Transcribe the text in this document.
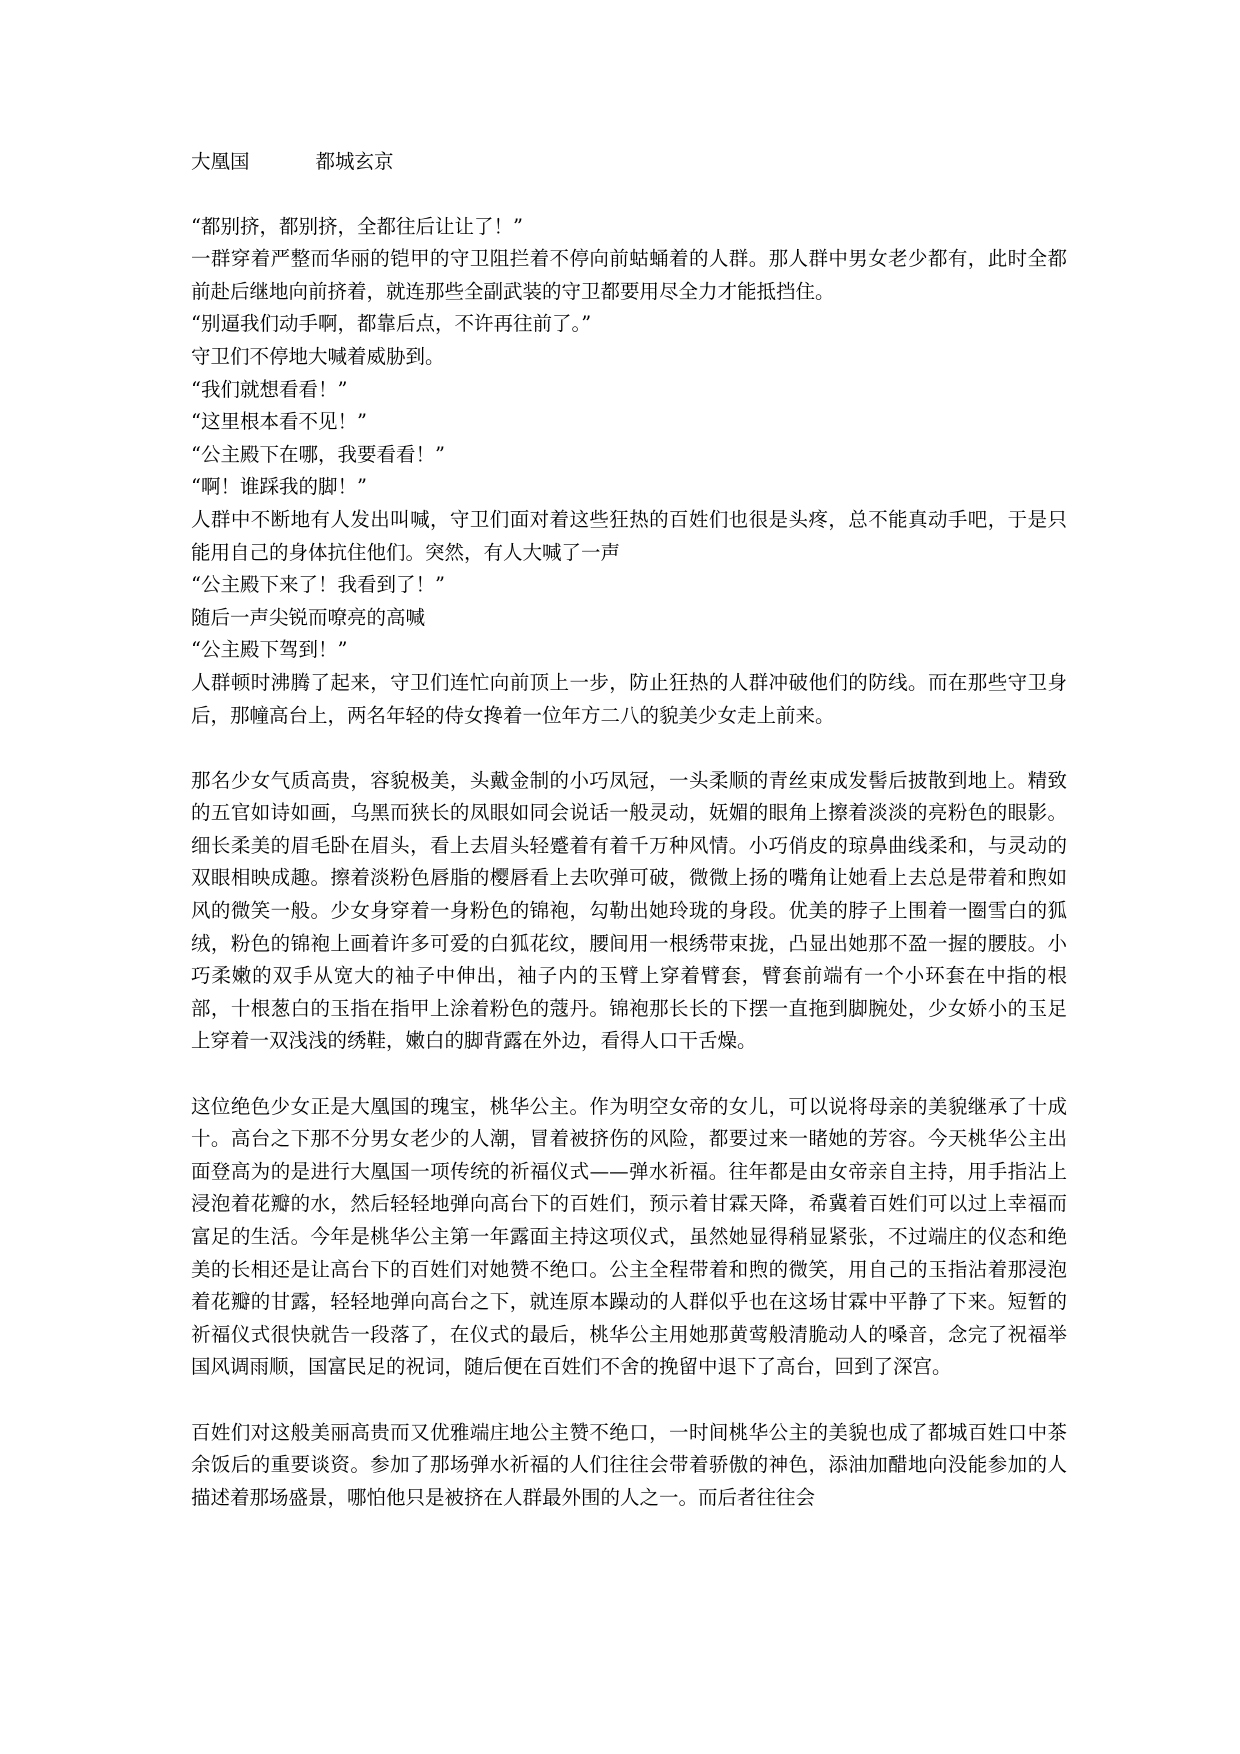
大凰国	都城玄京
“都别挤，都别挤，全都往后让让了！”
一群穿着严整而华丽的铠甲的守卫阻拦着不停向前蛄蛹着的人群。那人群中男女老少都有，此时全都前赴后继地向前挤着，就连那些全副武装的守卫都要用尽全力才能抵挡住。
“别逼我们动手啊，都靠后点，不许再往前了。”
守卫们不停地大喊着威胁到。
“我们就想看看！”
“这里根本看不见！”
“公主殿下在哪，我要看看！”
“啊！谁踩我的脚！”
人群中不断地有人发出叫喊，守卫们面对着这些狂热的百姓们也很是头疼，总不能真动手吧，于是只能用自己的身体抗住他们。突然，有人大喊了一声
“公主殿下来了！我看到了！”
随后一声尖锐而嘹亮的高喊
“公主殿下驾到！”
人群顿时沸腾了起来，守卫们连忙向前顶上一步，防止狂热的人群冲破他们的防线。而在那些守卫身后，那幢高台上，两名年轻的侍女搀着一位年方二八的貌美少女走上前来。
那名少女气质高贵，容貌极美，头戴金制的小巧凤冠，一头柔顺的青丝束成发髻后披散到地上。精致的五官如诗如画，乌黑而狭长的凤眼如同会说话一般灵动，妩媚的眼角上擦着淡淡的亮粉色的眼影。细长柔美的眉毛卧在眉头，看上去眉头轻蹙着有着千万种风情。小巧俏皮的琼鼻曲线柔和，与灵动的双眼相映成趣。擦着淡粉色唇脂的樱唇看上去吹弹可破，微微上扬的嘴角让她看上去总是带着和煦如风的微笑一般。少女身穿着一身粉色的锦袍，勾勒出她玲珑的身段。优美的脖子上围着一圈雪白的狐绒，粉色的锦袍上画着许多可爱的白狐花纹，腰间用一根绣带束拢，凸显出她那不盈一握的腰肢。小巧柔嫩的双手从宽大的袖子中伸出，袖子内的玉臂上穿着臂套，臂套前端有一个小环套在中指的根部，十根葱白的玉指在指甲上涂着粉色的蔻丹。锦袍那长长的下摆一直拖到脚腕处，少女娇小的玉足上穿着一双浅浅的绣鞋，嫩白的脚背露在外边，看得人口干舌燥。
这位绝色少女正是大凰国的瑰宝，桃华公主。作为明空女帝的女儿，可以说将母亲的美貌继承了十成十。高台之下那不分男女老少的人潮，冒着被挤伤的风险，都要过来一睹她的芳容。今天桃华公主出面登高为的是进行大凰国一项传统的祈福仪式——弹水祈福。往年都是由女帝亲自主持，用手指沾上浸泡着花瓣的水，然后轻轻地弹向高台下的百姓们，预示着甘霖天降，希冀着百姓们可以过上幸福而富足的生活。今年是桃华公主第一年露面主持这项仪式，虽然她显得稍显紧张，不过端庄的仪态和绝美的长相还是让高台下的百姓们对她赞不绝口。公主全程带着和煦的微笑，用自己的玉指沾着那浸泡着花瓣的甘露，轻轻地弹向高台之下，就连原本躁动的人群似乎也在这场甘霖中平静了下来。短暂的祈福仪式很快就告一段落了，在仪式的最后，桃华公主用她那黄莺般清脆动人的嗓音，念完了祝福举国风调雨顺，国富民足的祝词，随后便在百姓们不舍的挽留中退下了高台，回到了深宫。
百姓们对这般美丽高贵而又优雅端庄地公主赞不绝口，一时间桃华公主的美貌也成了都城百姓口中茶余饭后的重要谈资。参加了那场弹水祈福的人们往往会带着骄傲的神色，添油加醋地向没能参加的人描述着那场盛景，哪怕他只是被挤在人群最外围的人之一。而后者往往会
